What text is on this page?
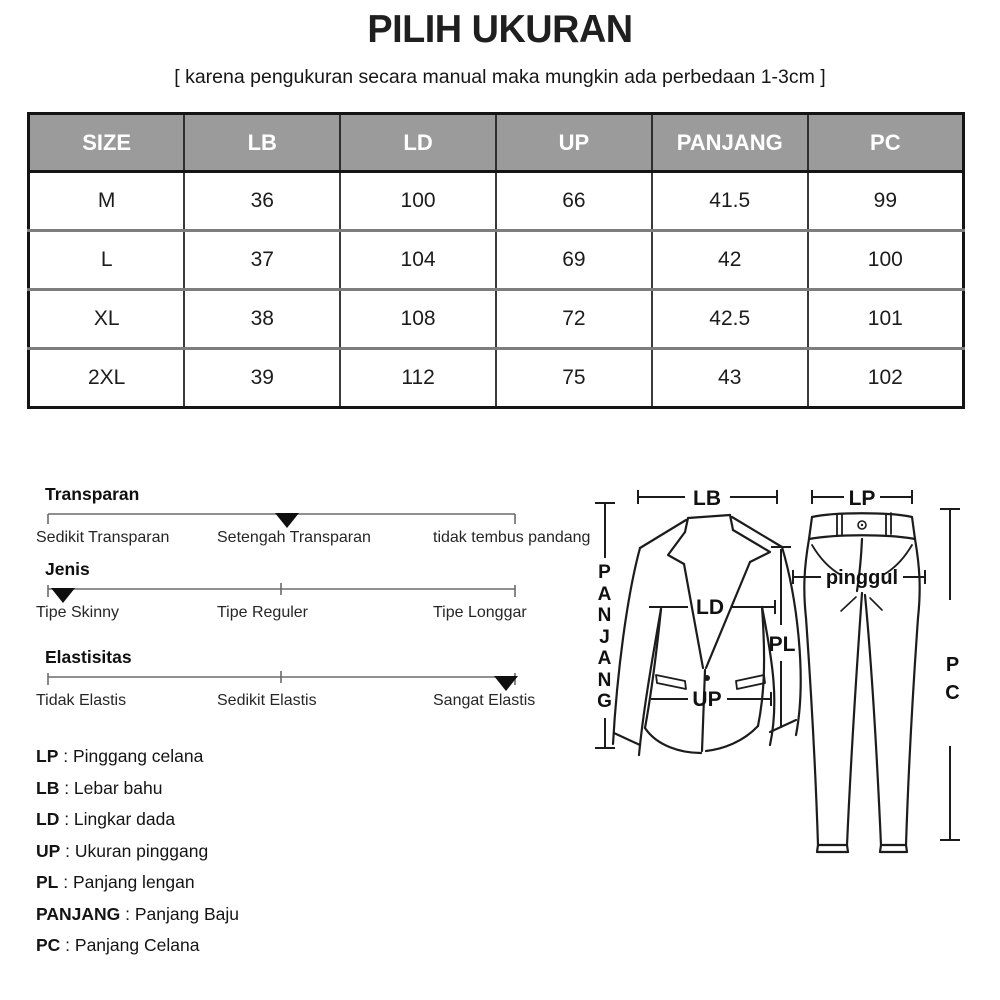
PILIH UKURAN
[ karena pengukuran secara manual maka mungkin ada perbedaan 1-3cm ]
SIZE	LB	LD	UP	PANJANG	PC
M	36	100	66	41.5	99
L	37	104	69	42	100
XL	38	108	72	42.5	101
2XL	39	112	75	43	102
Transparan
Sedikit Transparan	Setengah Transparan	tidak tembus pandang
Jenis
Tipe Skinny	Tipe Reguler	Tipe Longgar
Elastisitas
Tidak Elastis	Sedikit Elastis	Sangat Elastis
LP : Pinggang celana
LB : Lebar bahu
LD : Lingkar dada
UP : Ukuran pinggang
PL : Panjang lengan
PANJANG : Panjang Baju
PC : Panjang Celana
LB
LD
UP
PL
LP
pinggul
PANJANG
PC
